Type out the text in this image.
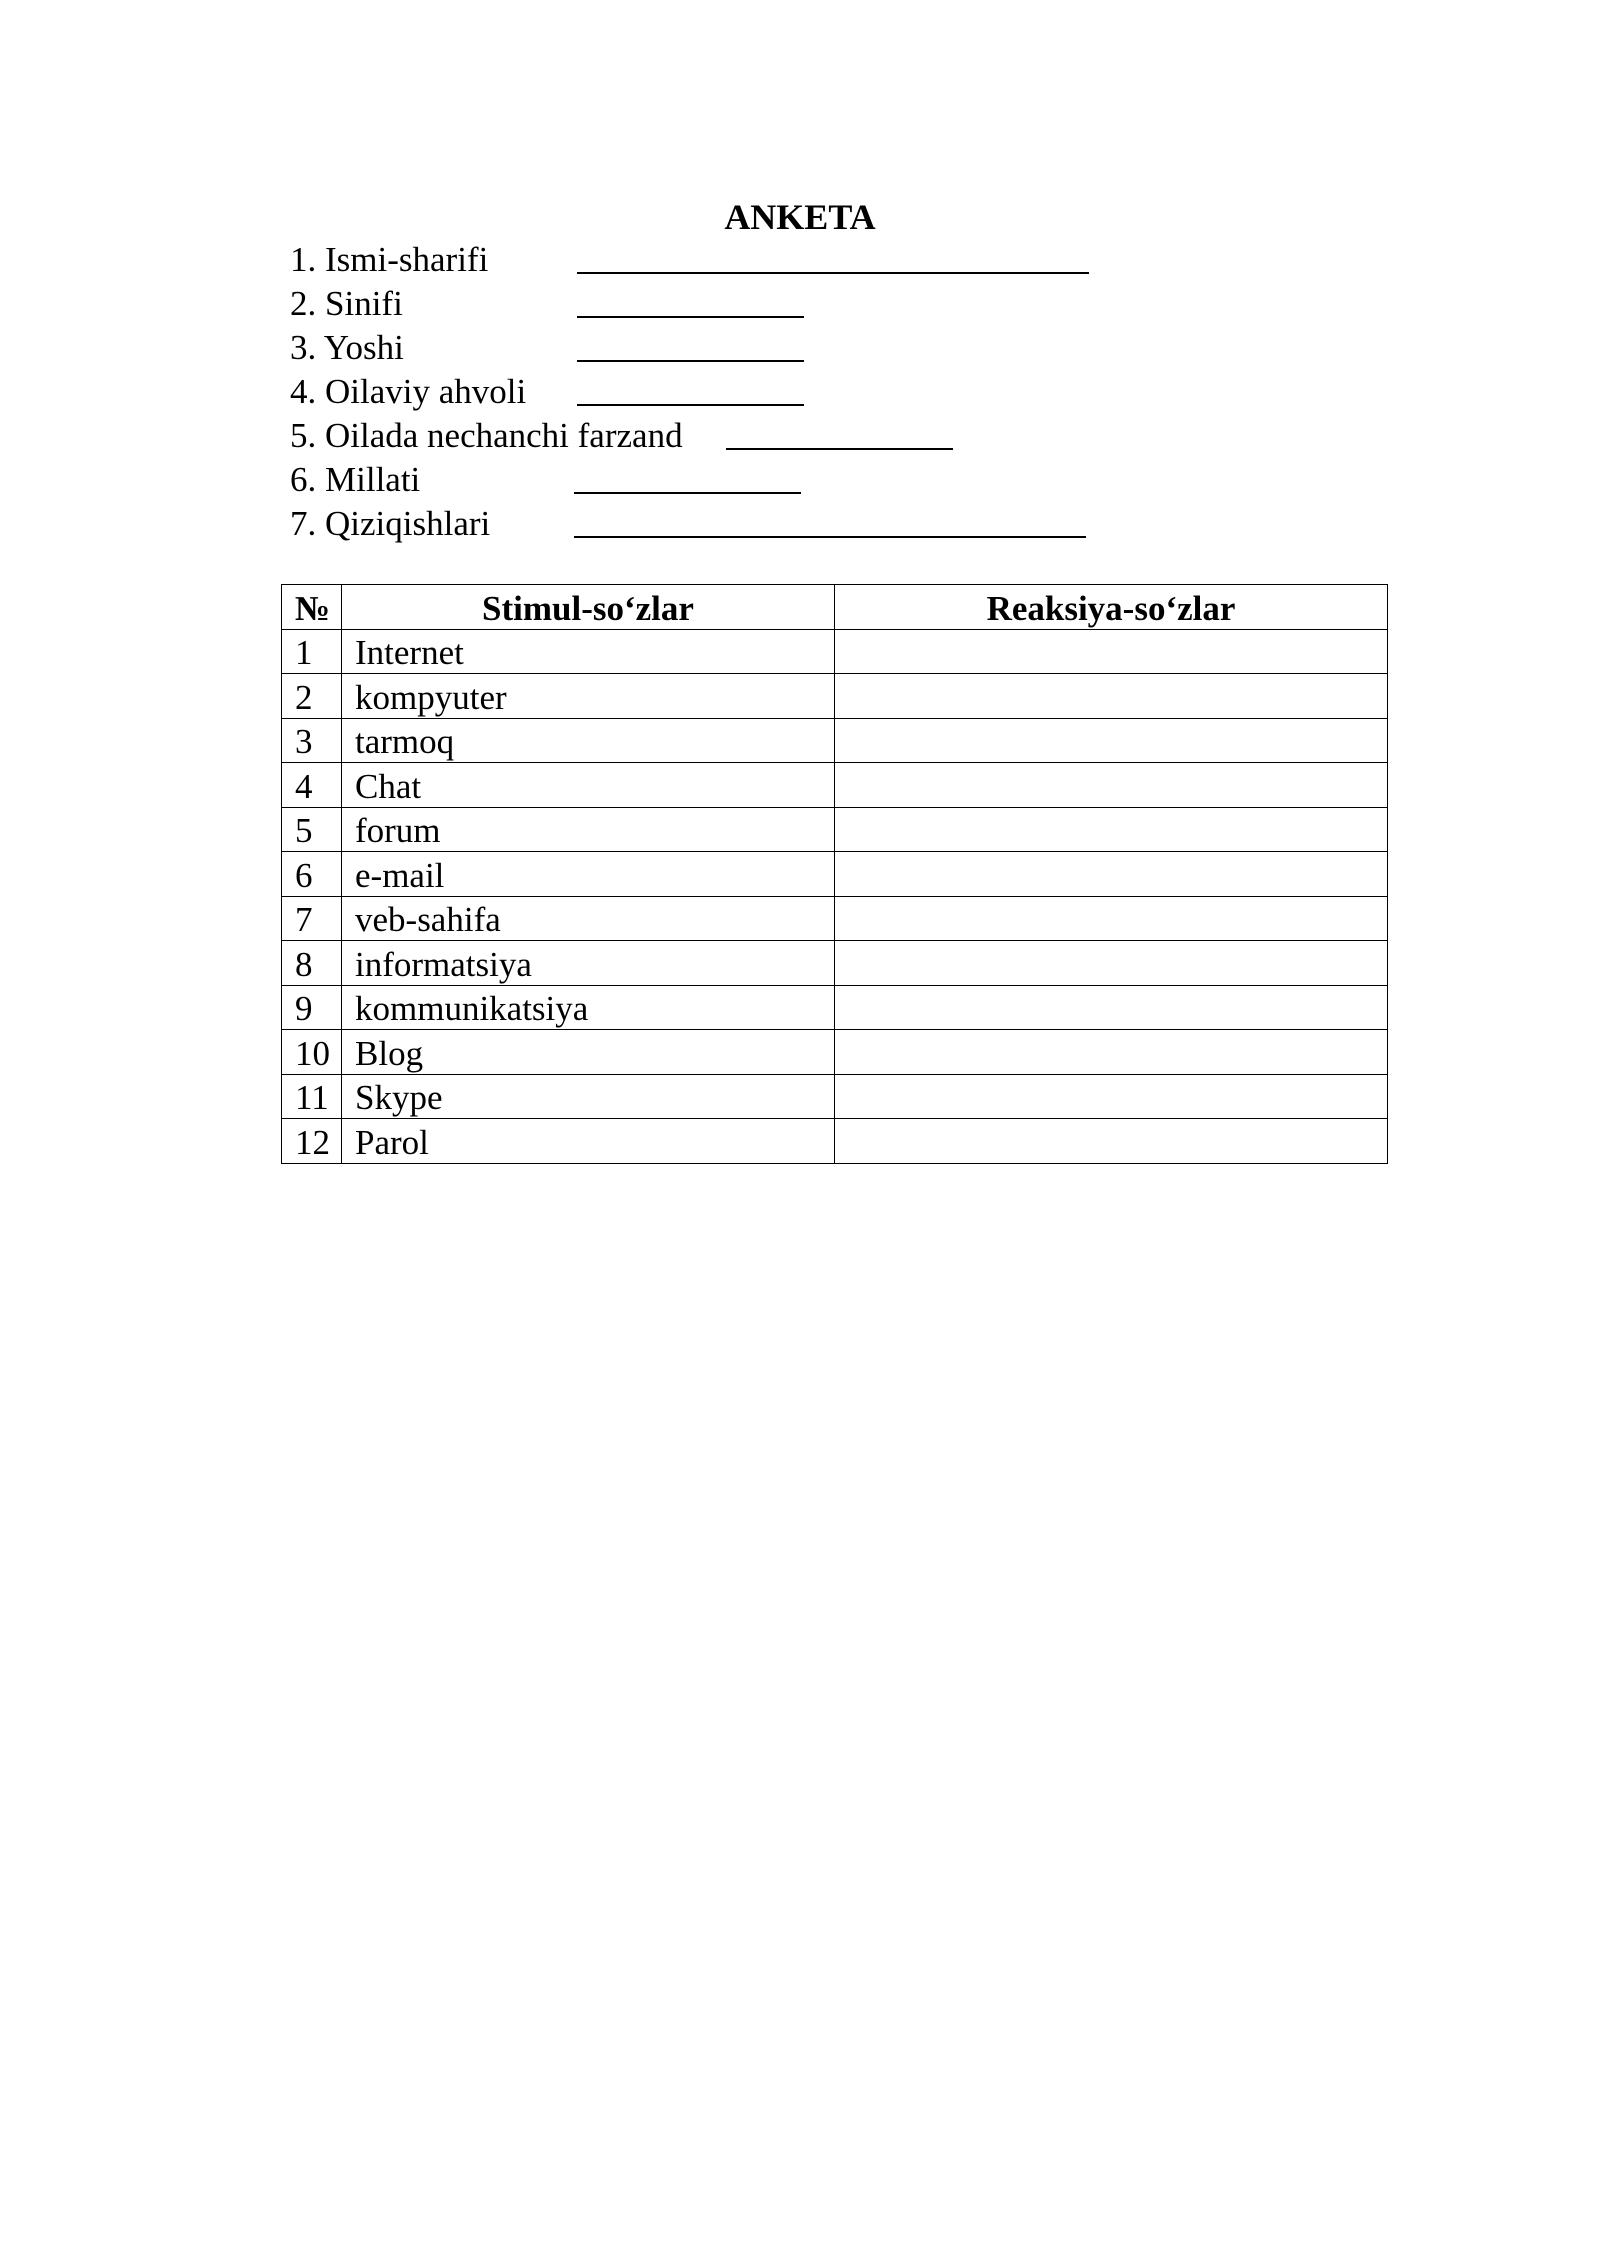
ANKETA
1. Ismi-sharifi
2. Sinifi
3. Yoshi
4. Oilaviy ahvoli
5. Oilada nechanchi farzand
6. Millati
7. Qiziqishlari
№	Stimul-so‘zlar	Reaksiya-so‘zlar
1	Internet	
2	kompyuter	
3	tarmoq	
4	Chat	
5	forum	
6	e-mail	
7	veb-sahifa	
8	informatsiya	
9	kommunikatsiya	
10	Blog	
11	Skype	
12	Parol	
